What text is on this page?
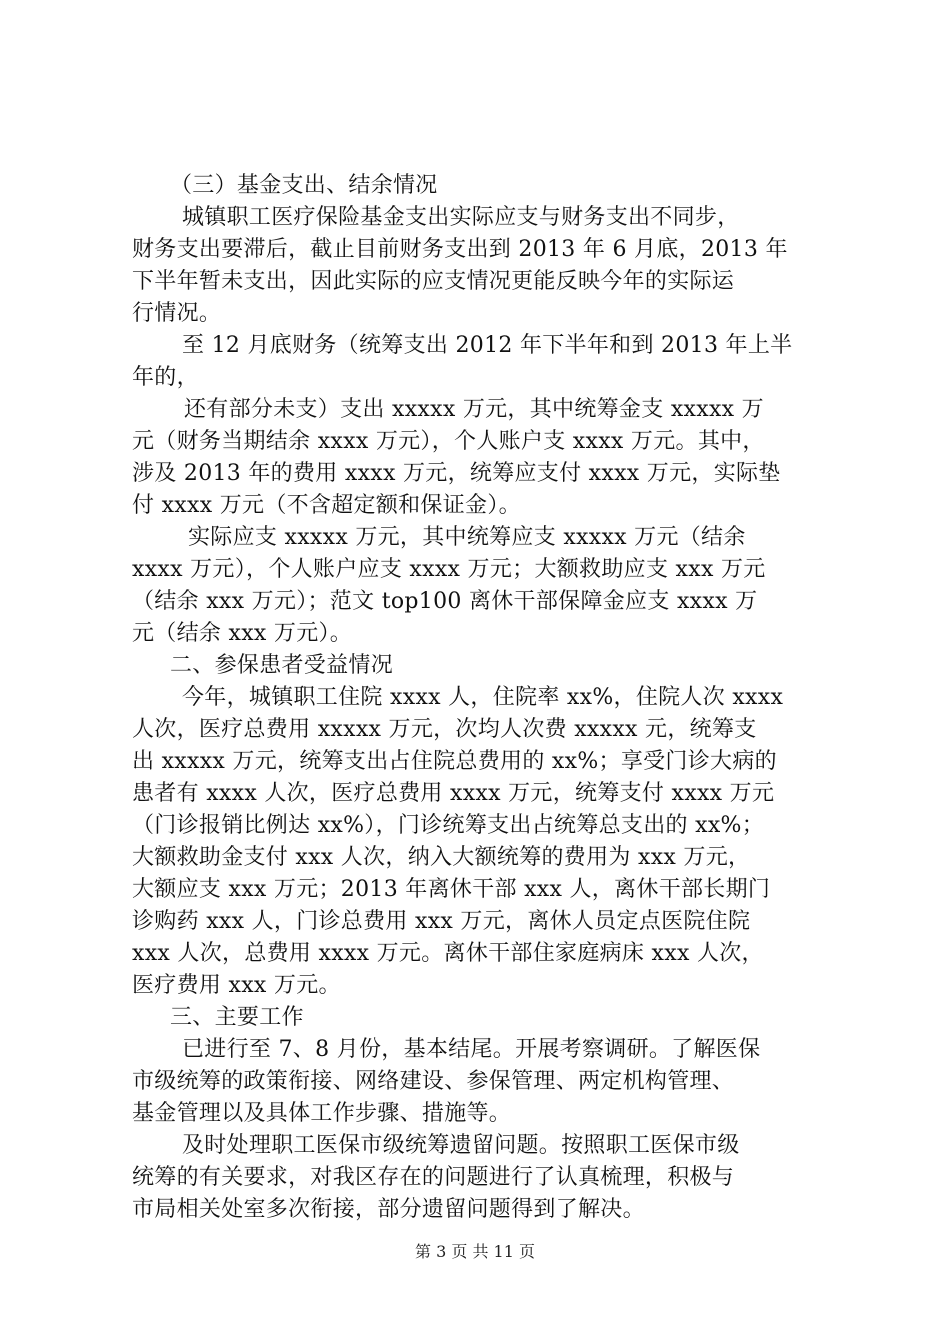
（三）基金支出、结余情况
城镇职工医疗保险基金支出实际应支与财务支出不同步，
财务支出要滞后，截止目前财务支出到 2013 年 6 月底，2013 年
下半年暂未支出，因此实际的应支情况更能反映今年的实际运
行情况。
至 12 月底财务（统筹支出 2012 年下半年和到 2013 年上半
年的，
还有部分未支）支出 xxxxx 万元，其中统筹金支 xxxxx 万
元（财务当期结余 xxxx 万元），个人账户支 xxxx 万元。其中，
涉及 2013 年的费用 xxxx 万元，统筹应支付 xxxx 万元，实际垫
付 xxxx 万元（不含超定额和保证金）。
实际应支 xxxxx 万元，其中统筹应支 xxxxx 万元（结余
xxxx 万元），个人账户应支 xxxx 万元；大额救助应支 xxx 万元
（结余 xxx 万元）；范文 top100 离休干部保障金应支 xxxx 万
元（结余 xxx 万元）。
二、参保患者受益情况
今年，城镇职工住院 xxxx 人，住院率 xx%，住院人次 xxxx
人次，医疗总费用 xxxxx 万元，次均人次费 xxxxx 元，统筹支
出 xxxxx 万元，统筹支出占住院总费用的 xx%；享受门诊大病的
患者有 xxxx 人次，医疗总费用 xxxx 万元，统筹支付 xxxx 万元
（门诊报销比例达 xx%），门诊统筹支出占统筹总支出的 xx%；
大额救助金支付 xxx 人次，纳入大额统筹的费用为 xxx 万元，
大额应支 xxx 万元；2013 年离休干部 xxx 人，离休干部长期门
诊购药 xxx 人，门诊总费用 xxx 万元，离休人员定点医院住院
xxx 人次，总费用 xxxx 万元。离休干部住家庭病床 xxx 人次，
医疗费用 xxx 万元。
三、主要工作
已进行至 7、8 月份，基本结尾。开展考察调研。了解医保
市级统筹的政策衔接、网络建设、参保管理、两定机构管理、
基金管理以及具体工作步骤、措施等。
及时处理职工医保市级统筹遗留问题。按照职工医保市级
统筹的有关要求，对我区存在的问题进行了认真梳理，积极与
市局相关处室多次衔接，部分遗留问题得到了解决。
第 3 页 共 11 页
